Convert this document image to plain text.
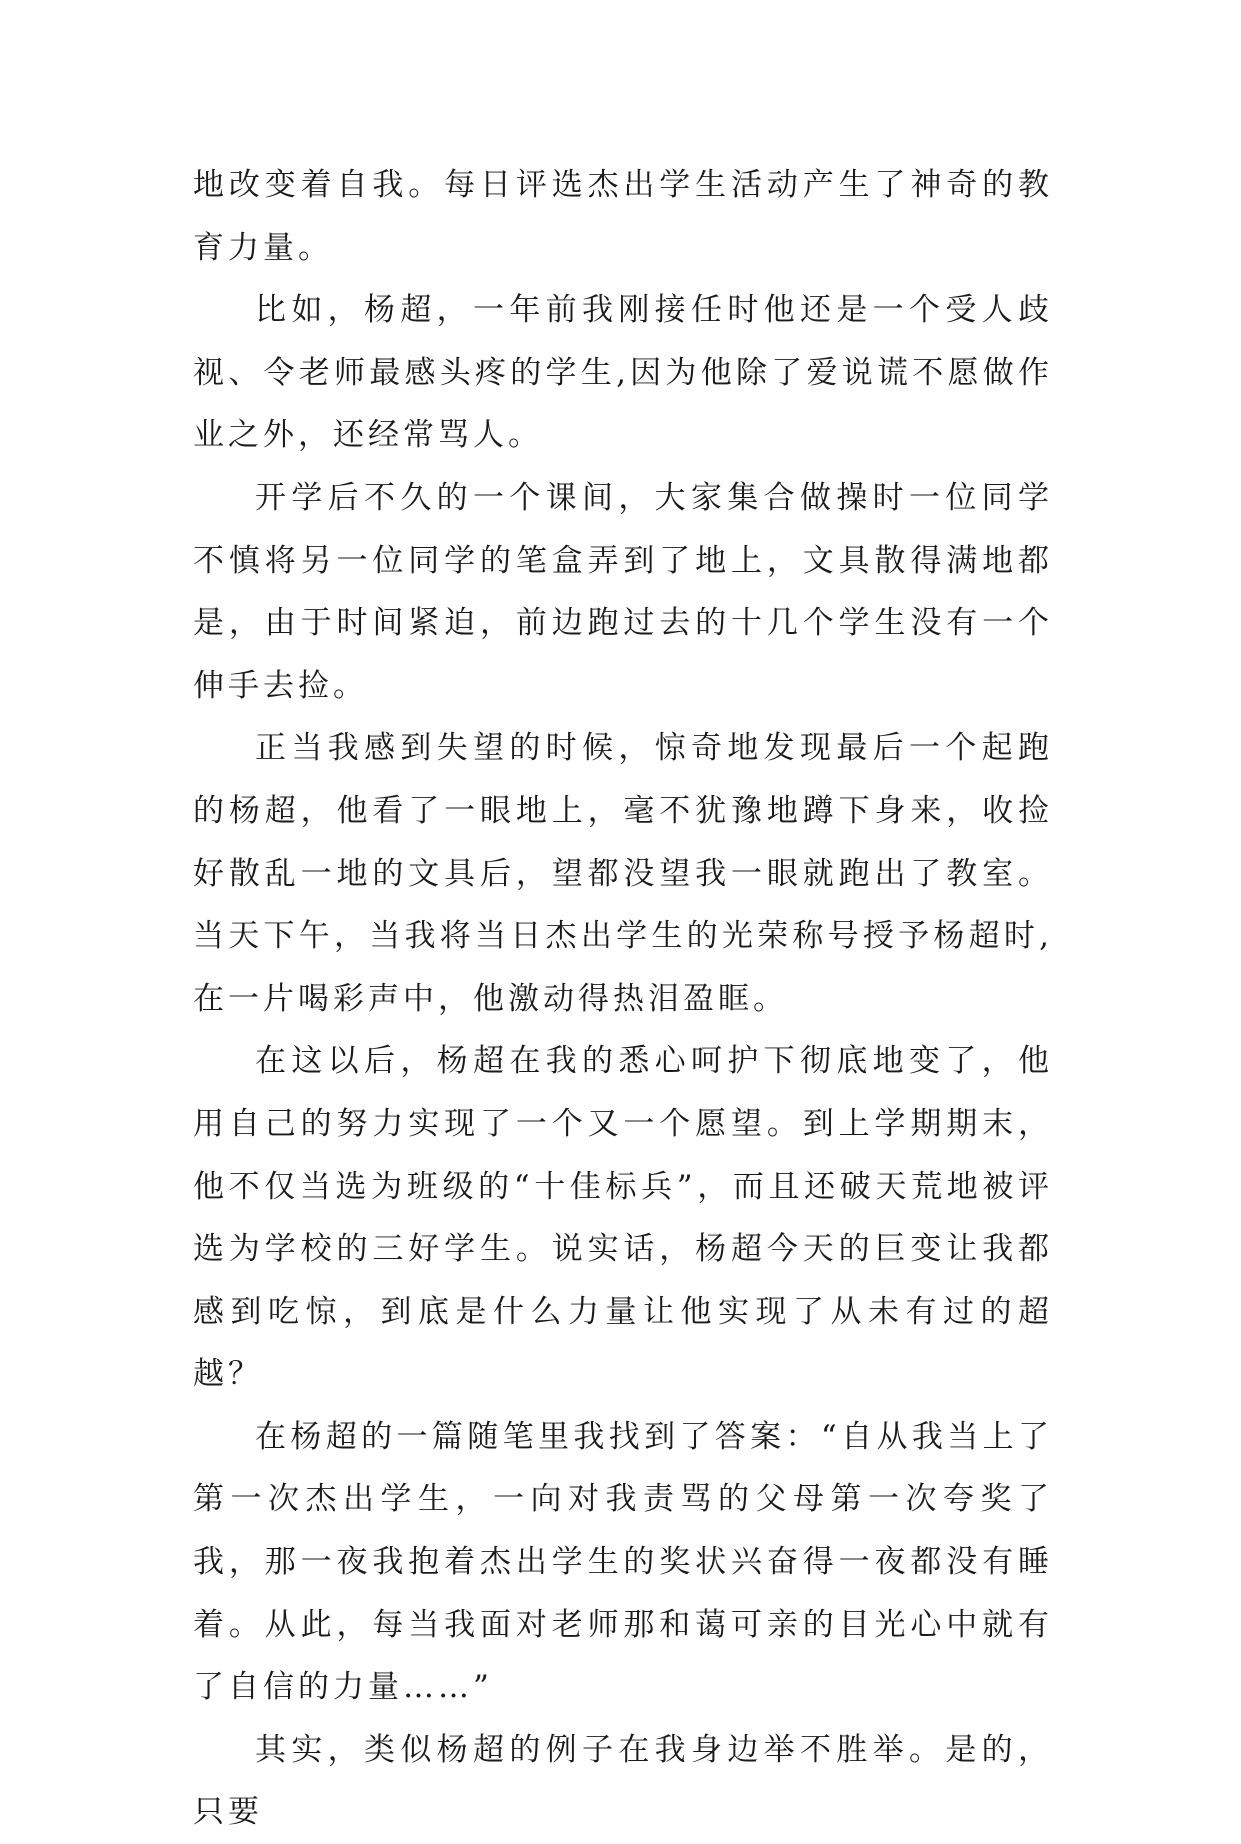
地改变着自我。每日评选杰出学生活动产生了神奇的教育力量。

比如，杨超，一年前我刚接任时他还是一个受人歧视、令老师最感头疼的学生,因为他除了爱说谎不愿做作业之外，还经常骂人。

开学后不久的一个课间，大家集合做操时一位同学不慎将另一位同学的笔盒弄到了地上，文具散得满地都是，由于时间紧迫，前边跑过去的十几个学生没有一个伸手去捡。

正当我感到失望的时候，惊奇地发现最后一个起跑的杨超，他看了一眼地上，毫不犹豫地蹲下身来，收捡好散乱一地的文具后，望都没望我一眼就跑出了教室。当天下午，当我将当日杰出学生的光荣称号授予杨超时,在一片喝彩声中，他激动得热泪盈眶。

在这以后，杨超在我的悉心呵护下彻底地变了，他用自己的努力实现了一个又一个愿望。到上学期期末，他不仅当选为班级的“十佳标兵”，而且还破天荒地被评选为学校的三好学生。说实话，杨超今天的巨变让我都感到吃惊，到底是什么力量让他实现了从未有过的超越？

在杨超的一篇随笔里我找到了答案：“自从我当上了第一次杰出学生，一向对我责骂的父母第一次夸奖了我，那一夜我抱着杰出学生的奖状兴奋得一夜都没有睡着。从此，每当我面对老师那和蔼可亲的目光心中就有了自信的力量……”

其实，类似杨超的例子在我身边举不胜举。是的，只要
